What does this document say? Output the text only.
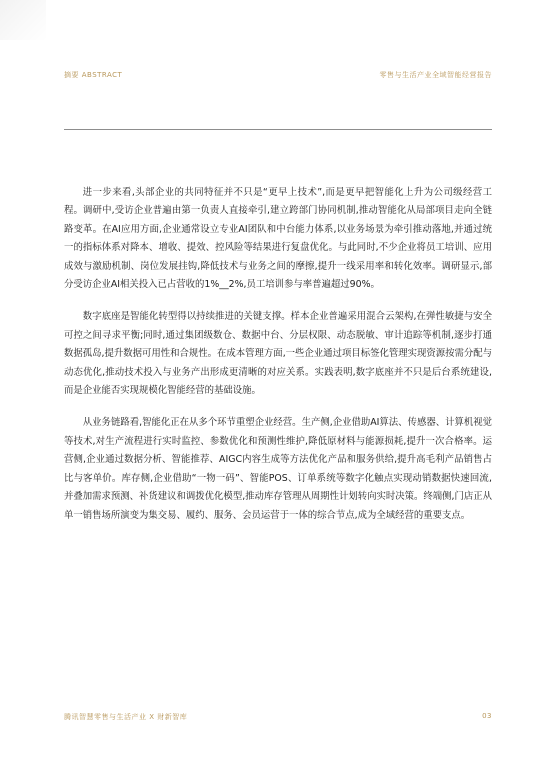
摘要 ABSTRACT	零售与生活产业全域智能经营报告

进一步来看,头部企业的共同特征并不只是“更早上技术”,而是更早把智能化上升为公司级经营工程。调研中,受访企业普遍由第一负责人直接牵引,建立跨部门协同机制,推动智能化从局部项目走向全链路变革。在AI应用方面,企业通常设立专业AI团队和中台能力体系,以业务场景为牵引推动落地,并通过统一的指标体系对降本、增收、提效、控风险等结果进行复盘优化。与此同时,不少企业将员工培训、应用成效与激励机制、岗位发展挂钩,降低技术与业务之间的摩擦,提升一线采用率和转化效率。调研显示,部分受访企业AI相关投入已占营收的1%__2%,员工培训参与率普遍超过90%。

数字底座是智能化转型得以持续推进的关键支撑。样本企业普遍采用混合云架构,在弹性敏捷与安全可控之间寻求平衡;同时,通过集团级数仓、数据中台、分层权限、动态脱敏、审计追踪等机制,逐步打通数据孤岛,提升数据可用性和合规性。在成本管理方面,一些企业通过项目标签化管理实现资源按需分配与动态优化,推动技术投入与业务产出形成更清晰的对应关系。实践表明,数字底座并不只是后台系统建设,而是企业能否实现规模化智能经营的基础设施。

从业务链路看,智能化正在从多个环节重塑企业经营。生产侧,企业借助AI算法、传感器、计算机视觉等技术,对生产流程进行实时监控、参数优化和预测性维护,降低原材料与能源损耗,提升一次合格率。运营侧,企业通过数据分析、智能推荐、AIGC内容生成等方法优化产品和服务供给,提升高毛利产品销售占比与客单价。库存侧,企业借助“一物一码”、智能POS、订单系统等数字化触点实现动销数据快速回流,并叠加需求预测、补货建议和调拨优化模型,推动库存管理从周期性计划转向实时决策。终端侧,门店正从单一销售场所演变为集交易、履约、服务、会员运营于一体的综合节点,成为全域经营的重要支点。

腾讯智慧零售与生活产业 X 财新智库	03
